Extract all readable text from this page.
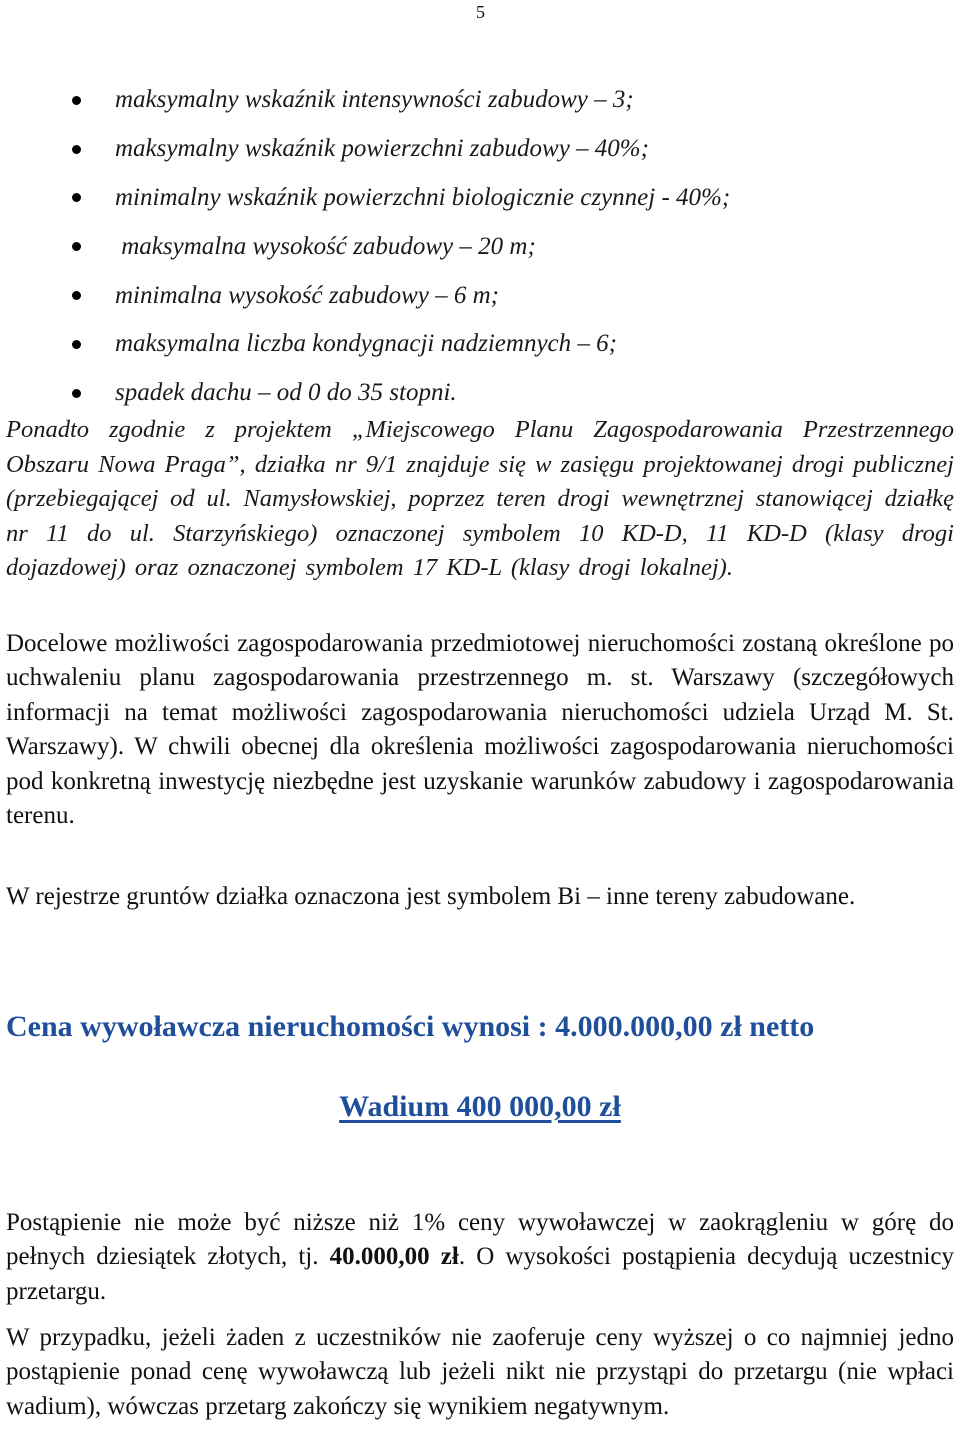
5
maksymalny wskaźnik intensywności zabudowy – 3;
maksymalny wskaźnik powierzchni zabudowy – 40%;
minimalny wskaźnik powierzchni biologicznie czynnej - 40%;
maksymalna wysokość zabudowy – 20 m;
minimalna wysokość zabudowy – 6 m;
maksymalna liczba kondygnacji nadziemnych – 6;
spadek dachu – od 0 do 35 stopni.

Ponadto zgodnie z projektem „Miejscowego Planu Zagospodarowania Przestrzennego Obszaru Nowa Praga”, działka nr 9/1 znajduje się w zasięgu projektowanej drogi publicznej (przebiegającej od ul. Namysłowskiej, poprzez teren drogi wewnętrznej stanowiącej działkę nr 11 do ul. Starzyńskiego) oznaczonej symbolem 10 KD-D, 11 KD-D (klasy drogi dojazdowej) oraz oznaczonej symbolem 17 KD-L (klasy drogi lokalnej).

Docelowe możliwości zagospodarowania przedmiotowej nieruchomości zostaną określone po uchwaleniu planu zagospodarowania przestrzennego m. st. Warszawy (szczegółowych informacji na temat możliwości zagospodarowania nieruchomości udziela Urząd M. St. Warszawy). W chwili obecnej dla określenia możliwości zagospodarowania nieruchomości pod konkretną inwestycję niezbędne jest uzyskanie warunków zabudowy i zagospodarowania terenu.

W rejestrze gruntów działka oznaczona jest symbolem Bi – inne tereny zabudowane.

Cena wywoławcza nieruchomości wynosi : 4.000.000,00 zł netto
Wadium 400 000,00 zł

Postąpienie nie może być niższe niż 1% ceny wywoławczej w zaokrągleniu w górę do pełnych dziesiątek złotych, tj. 40.000,00 zł. O wysokości postąpienia decydują uczestnicy przetargu.

W przypadku, jeżeli żaden z uczestników nie zaoferuje ceny wyższej o co najmniej jedno postąpienie ponad cenę wywoławczą lub jeżeli nikt nie przystąpi do przetargu (nie wpłaci wadium), wówczas przetarg zakończy się wynikiem negatywnym.
